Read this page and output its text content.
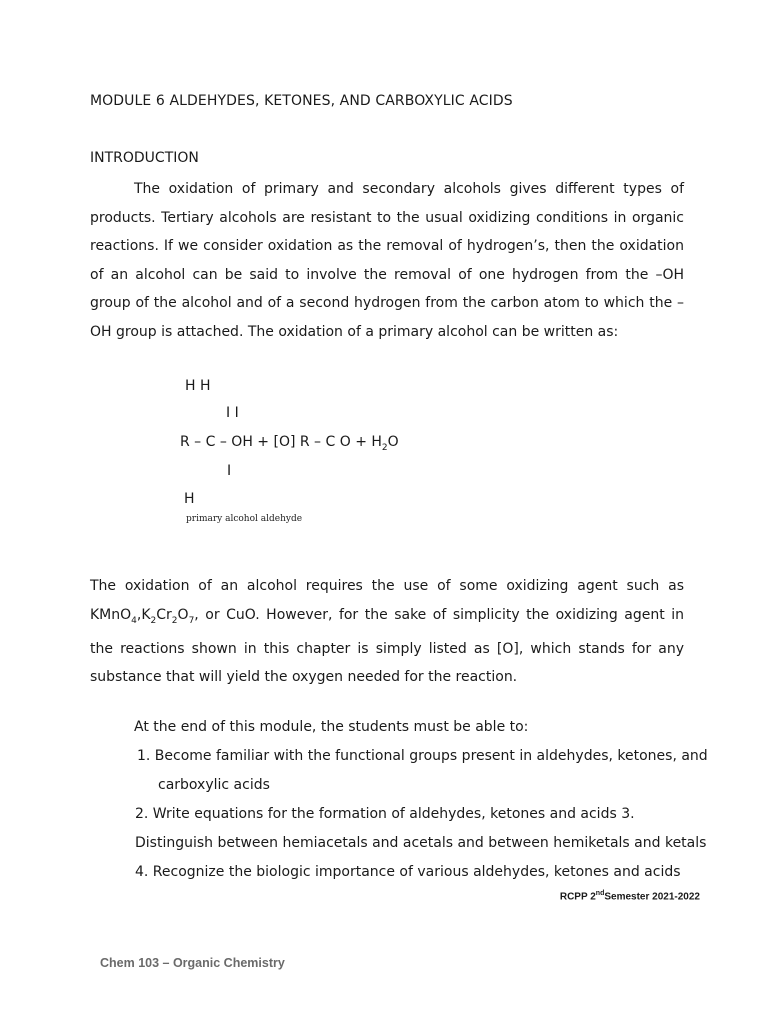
MODULE 6 ALDEHYDES, KETONES, AND CARBOXYLIC ACIDS
INTRODUCTION
The oxidation of primary and secondary alcohols gives different types of products. Tertiary alcohols are resistant to the usual oxidizing conditions in organic reactions. If we consider oxidation as the removal of hydrogen’s, then the oxidation of an alcohol can be said to involve the removal of one hydrogen from the –OH group of the alcohol and of a second hydrogen from the carbon atom to which the –OH group is attached. The oxidation of a primary alcohol can be written as:
H H
I I
R – C – OH + [O] R – C $O + H_2O$
I
H
primary alcohol aldehyde
The oxidation of an alcohol requires the use of some oxidizing agent such as $KMnO_4,K_2Cr_2O_7$, or CuO. However, for the sake of simplicity the oxidizing agent in the reactions shown in this chapter is simply listed as [O], which stands for any substance that will yield the oxygen needed for the reaction.
At the end of this module, the students must be able to:
1. Become familiar with the functional groups present in aldehydes, ketones, and
carboxylic acids
2. Write equations for the formation of aldehydes, ketones and acids 3.
Distinguish between hemiacetals and acetals and between hemiketals and ketals
4. Recognize the biologic importance of various aldehydes, ketones and acids
RCPP 2ndSemester 2021-2022
Chem 103 – Organic Chemistry
